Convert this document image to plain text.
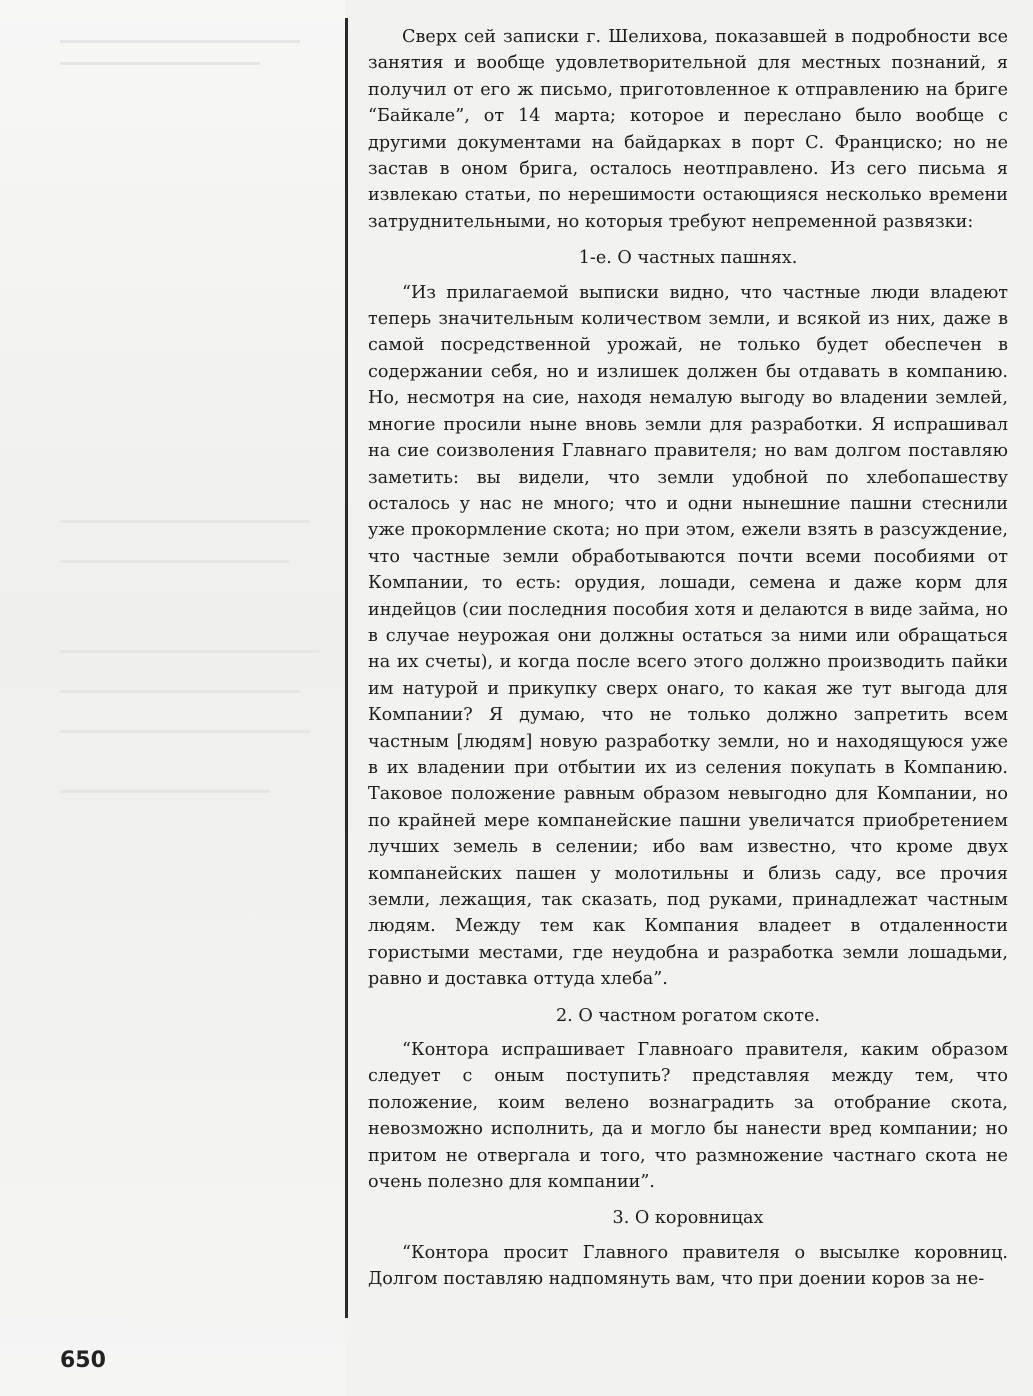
Сверх сей записки г. Шелихова, показавшей в подробности все занятия и вообще удовлетворительной для местных познаний, я получил от его ж письмо, приготовленное к отправлению на бриге “Байкале”, от 14 марта; которое и переслано было вообще с другими документами на байдарках в порт С. Франциско; но не застав в оном брига, осталось неотправлено. Из сего письма я извлекаю статьи, по нерешимости остающияся несколько времени затруднительными, но которыя требуют непременной развязки:

1-е. О частных пашнях.

“Из прилагаемой выписки видно, что частные люди владеют теперь значительным количеством земли, и всякой из них, даже в самой посредственной урожай, не только будет обеспечен в содержании себя, но и излишек должен бы отдавать в компанию. Но, несмотря на сие, находя немалую выгоду во владении землей, многие просили ныне вновь земли для разработки. Я испрашивал на сие соизволения Главнаго правителя; но вам долгом поставляю заметить: вы видели, что земли удобной по хлебопашеству осталось у нас не много; что и одни нынешние пашни стеснили уже прокормление скота; но при этом, ежели взять в разсуждение, что частные земли обработываются почти всеми пособиями от Компании, то есть: орудия, лошади, семена и даже корм для индейцов (сии последния пособия хотя и делаются в виде займа, но в случае неурожая они должны остаться за ними или обращаться на их счеты), и когда после всего этого должно производить пайки им натурой и прикупку сверх онаго, то какая же тут выгода для Компании? Я думаю, что не только должно запретить всем частным [людям] новую разработку земли, но и находящуюся уже в их владении при отбытии их из селения покупать в Компанию. Таковое положение равным образом невыгодно для Компании, но по крайней мере компанейские пашни увеличатся приобретением лучших земель в селении; ибо вам известно, что кроме двух компанейских пашен у молотильны и близь саду, все прочия земли, лежащия, так сказать, под руками, принадлежат частным людям. Между тем как Компания владеет в отдаленности гористыми местами, где неудобна и разработка земли лошадьми, равно и доставка оттуда хлеба”.

2. О частном рогатом скоте.

“Контора испрашивает Главноаго правителя, каким образом следует с оным поступить? представляя между тем, что положение, коим велено вознаградить за отобрание скота, невозможно исполнить, да и могло бы нанести вред компании; но притом не отвергала и того, что размножение частнаго скота не очень полезно для компании”.

3. О коровницах

“Контора просит Главного правителя о высылке коровниц. Долгом поставляю надпомянуть вам, что при доении коров за не-

650
